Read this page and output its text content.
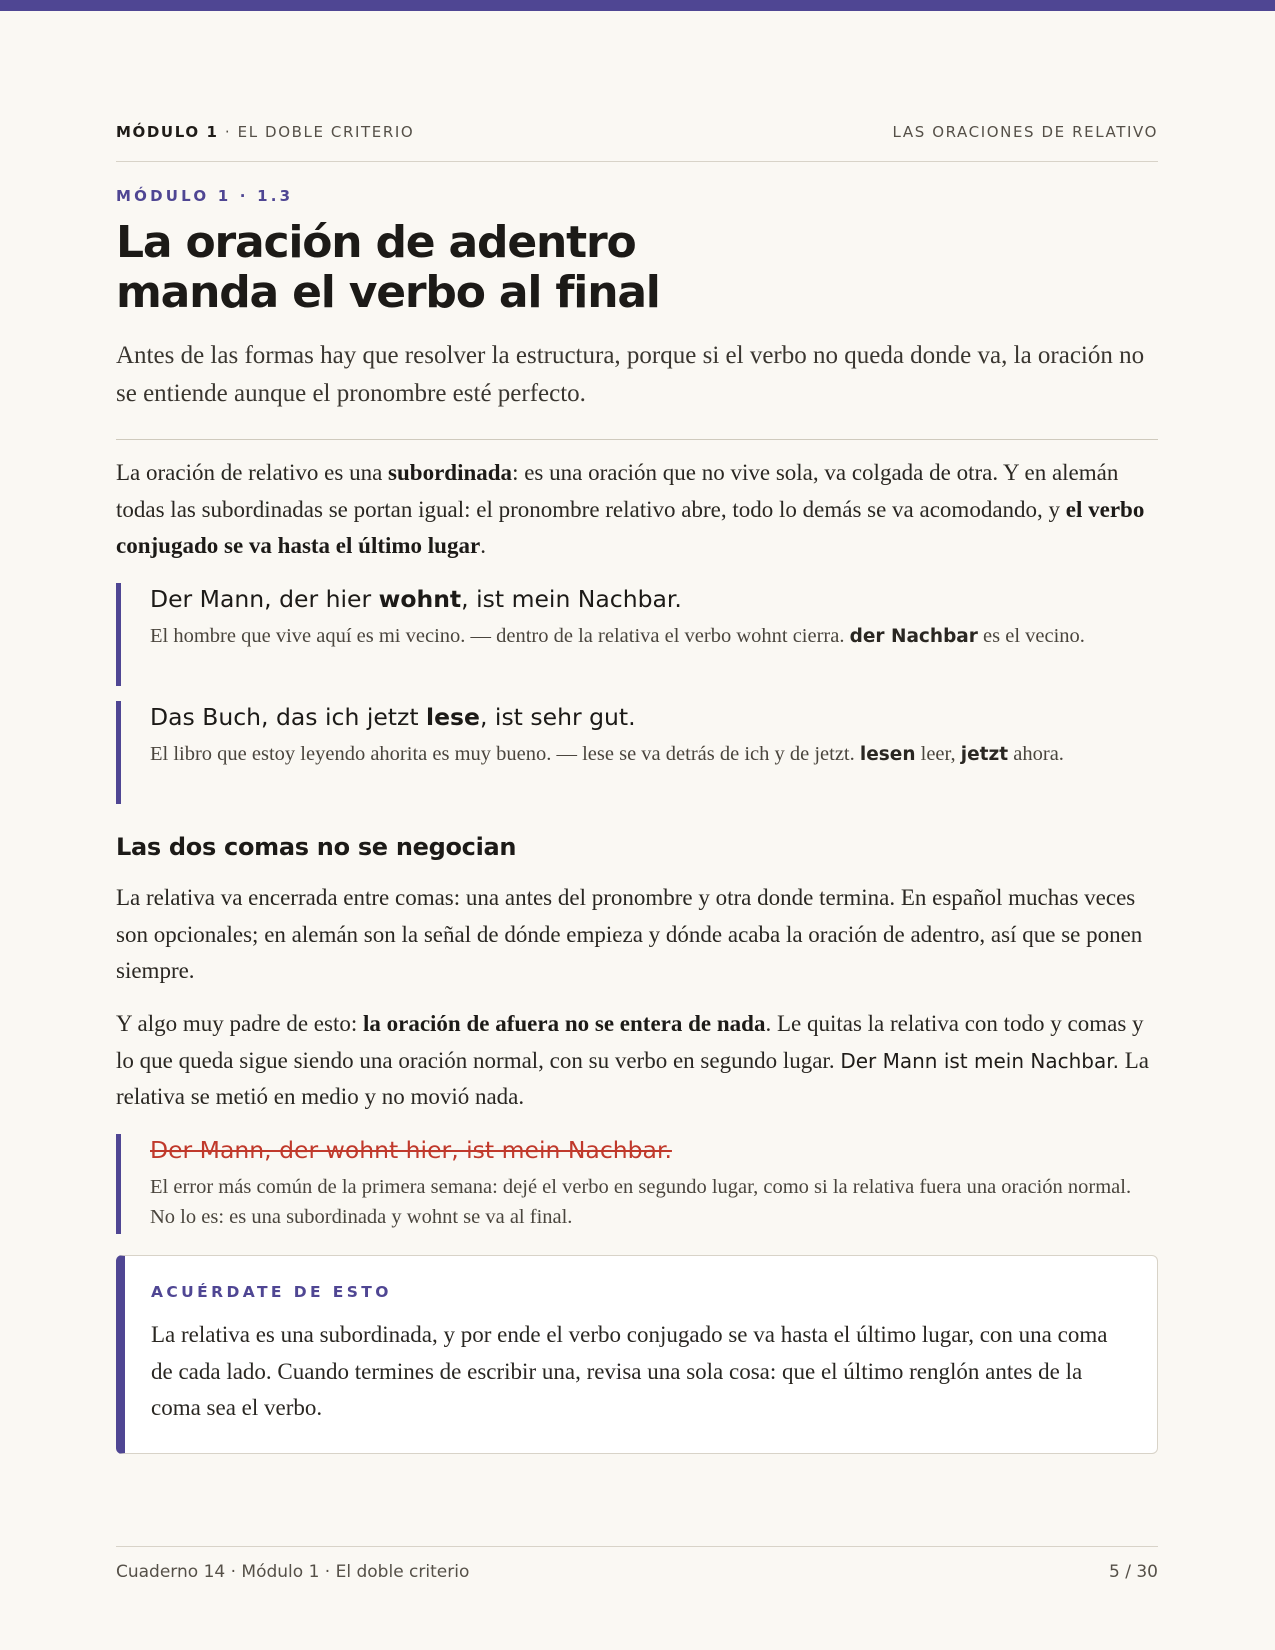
MÓDULO 1 · EL DOBLE CRITERIO	LAS ORACIONES DE RELATIVO
MÓDULO 1 · 1.3
La oración de adentro
manda el verbo al final

Antes de las formas hay que resolver la estructura, porque si el verbo no queda donde va, la oración no se entiende aunque el pronombre esté perfecto.

La oración de relativo es una subordinada: es una oración que no vive sola, va colgada de otra. Y en alemán todas las subordinadas se portan igual: el pronombre relativo abre, todo lo demás se va acomodando, y el verbo conjugado se va hasta el último lugar.

Der Mann, der hier wohnt, ist mein Nachbar.
El hombre que vive aquí es mi vecino. — dentro de la relativa el verbo wohnt cierra. der Nachbar es el vecino.
Das Buch, das ich jetzt lese, ist sehr gut.
El libro que estoy leyendo ahorita es muy bueno. — lese se va detrás de ich y de jetzt. lesen leer, jetzt ahora.
Las dos comas no se negocian

La relativa va encerrada entre comas: una antes del pronombre y otra donde termina. En español muchas veces son opcionales; en alemán son la señal de dónde empieza y dónde acaba la oración de adentro, así que se ponen siempre.

Y algo muy padre de esto: la oración de afuera no se entera de nada. Le quitas la relativa con todo y comas y lo que queda sigue siendo una oración normal, con su verbo en segundo lugar. Der Mann ist mein Nachbar. La relativa se metió en medio y no movió nada.

Der Mann, der wohnt hier, ist mein Nachbar.
El error más común de la primera semana: dejé el verbo en segundo lugar, como si la relativa fuera una oración normal. No lo es: es una subordinada y wohnt se va al final.
ACUÉRDATE DE ESTO
La relativa es una subordinada, y por ende el verbo conjugado se va hasta el último lugar, con una coma de cada lado. Cuando termines de escribir una, revisa una sola cosa: que el último renglón antes de la coma sea el verbo.
Cuaderno 14 · Módulo 1 · El doble criterio	5 / 30
